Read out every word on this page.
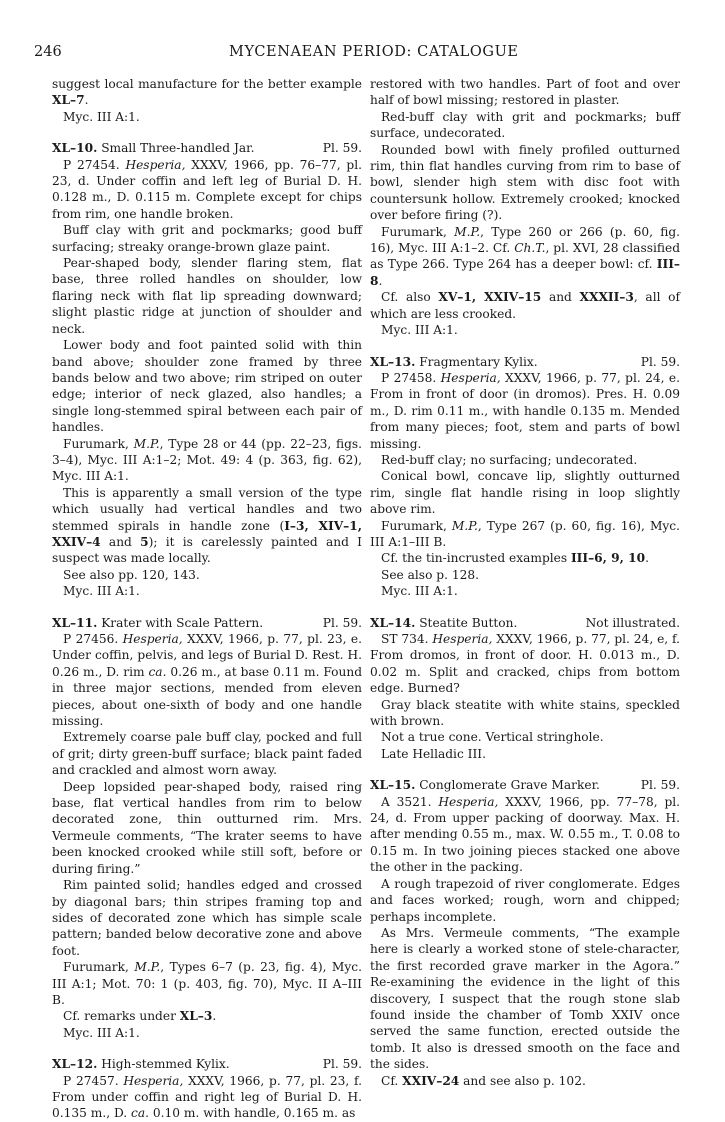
246	MYCENAEAN PERIOD: CATALOGUE

suggest local manufacture for the better example XL–7.

Myc. III A:1.

Pl. 59.
XL–10. Small Three-handled Jar.

P 27454. Hesperia, XXXV, 1966, pp. 76–77, pl. 23, d. Under coffin and left leg of Burial D. H. 0.128 m., D. 0.115 m. Complete except for chips from rim, one handle broken.

Buff clay with grit and pockmarks; good buff surfacing; streaky orange-brown glaze paint.

Pear-shaped body, slender flaring stem, flat base, three rolled handles on shoulder, low flaring neck with flat lip spreading downward; slight plastic ridge at junction of shoulder and neck.

Lower body and foot painted solid with thin band above; shoulder zone framed by three bands below and two above; rim striped on outer edge; interior of neck glazed, also handles; a single long-stemmed spiral between each pair of handles.

Furumark, M.P., Type 28 or 44 (pp. 22–23, figs. 3–4), Myc. III A:1–2; Mot. 49: 4 (p. 363, fig. 62), Myc. III A:1.

This is apparently a small version of the type which usually had vertical handles and two stemmed spirals in handle zone (I–3, XIV–1, XXIV–4 and 5); it is carelessly painted and I suspect was made locally.

See also pp. 120, 143.

Myc. III A:1.

Pl. 59.
XL–11. Krater with Scale Pattern.

P 27456. Hesperia, XXXV, 1966, p. 77, pl. 23, e. Under coffin, pelvis, and legs of Burial D. Rest. H. 0.26 m., D. rim ca. 0.26 m., at base 0.11 m. Found in three major sections, mended from eleven pieces, about one-sixth of body and one handle missing.

Extremely coarse pale buff clay, pocked and full of grit; dirty green-buff surface; black paint faded and crackled and almost worn away.

Deep lopsided pear-shaped body, raised ring base, flat vertical handles from rim to below decorated zone, thin outturned rim. Mrs. Vermeule comments, “The krater seems to have been knocked crooked while still soft, before or during firing.”

Rim painted solid; handles edged and crossed by diagonal bars; thin stripes framing top and sides of decorated zone which has simple scale pattern; banded below decorative zone and above foot.

Furumark, M.P., Types 6–7 (p. 23, fig. 4), Myc. III A:1; Mot. 70: 1 (p. 403, fig. 70), Myc. II A–III B.

Cf. remarks under XL–3.

Myc. III A:1.

Pl. 59.
XL–12. High-stemmed Kylix.

P 27457. Hesperia, XXXV, 1966, p. 77, pl. 23, f. From under coffin and right leg of Burial D. H. 0.135 m., D. ca. 0.10 m. with handle, 0.165 m. as

restored with two handles. Part of foot and over half of bowl missing; restored in plaster.

Red-buff clay with grit and pockmarks; buff surface, undecorated.

Rounded bowl with finely profiled outturned rim, thin flat handles curving from rim to base of bowl, slender high stem with disc foot with countersunk hollow. Extremely crooked; knocked over before firing (?).

Furumark, M.P., Type 260 or 266 (p. 60, fig. 16), Myc. III A:1–2. Cf. Ch.T., pl. XVI, 28 classified as Type 266. Type 264 has a deeper bowl: cf. III–8.

Cf. also XV–1, XXIV–15 and XXXII–3, all of which are less crooked.

Myc. III A:1.

Pl. 59.
XL–13. Fragmentary Kylix.

P 27458. Hesperia, XXXV, 1966, p. 77, pl. 24, e. From in front of door (in dromos). Pres. H. 0.09 m., D. rim 0.11 m., with handle 0.135 m. Mended from many pieces; foot, stem and parts of bowl missing.

Red-buff clay; no surfacing; undecorated.

Conical bowl, concave lip, slightly outturned rim, single flat handle rising in loop slightly above rim.

Furumark, M.P., Type 267 (p. 60, fig. 16), Myc. III A:1–III B.

Cf. the tin-incrusted examples III–6, 9, 10.

See also p. 128.

Myc. III A:1.

Not illustrated.
XL–14. Steatite Button.

ST 734. Hesperia, XXXV, 1966, p. 77, pl. 24, e, f. From dromos, in front of door. H. 0.013 m., D. 0.02 m. Split and cracked, chips from bottom edge. Burned?

Gray black steatite with white stains, speckled with brown.

Not a true cone. Vertical stringhole.

Late Helladic III.

Pl. 59.
XL–15. Conglomerate Grave Marker.

A 3521. Hesperia, XXXV, 1966, pp. 77–78, pl. 24, d. From upper packing of doorway. Max. H. after mending 0.55 m., max. W. 0.55 m., T. 0.08 to 0.15 m. In two joining pieces stacked one above the other in the packing.

A rough trapezoid of river conglomerate. Edges and faces worked; rough, worn and chipped; perhaps incomplete.

As Mrs. Vermeule comments, “The example here is clearly a worked stone of stele-character, the first recorded grave marker in the Agora.” Re-examining the evidence in the light of this discovery, I suspect that the rough stone slab found inside the chamber of Tomb XXIV once served the same function, erected outside the tomb. It also is dressed smooth on the face and the sides.

Cf. XXIV–24 and see also p. 102.
